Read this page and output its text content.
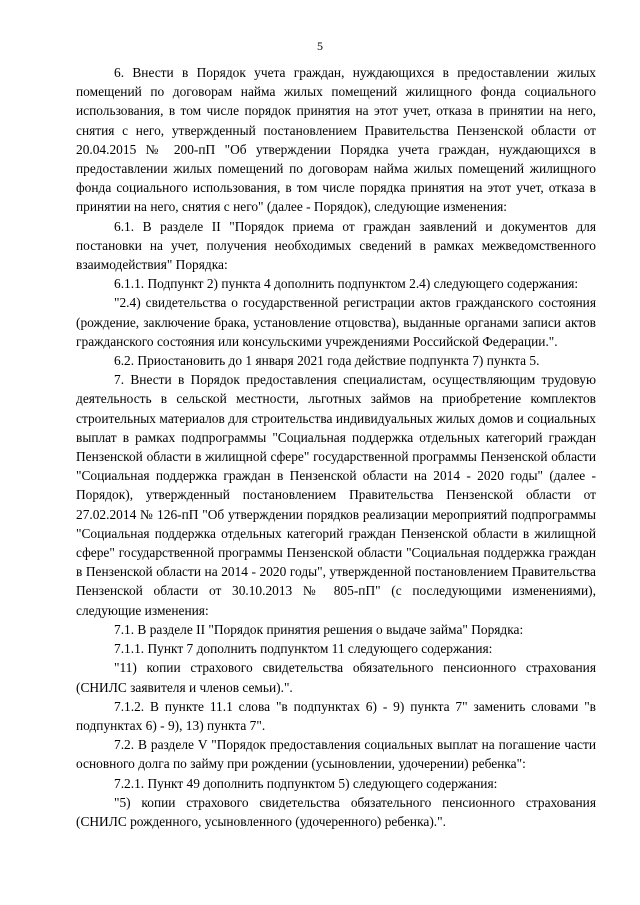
5

6. Внести в Порядок учета граждан, нуждающихся в предоставлении жилых помещений по договорам найма жилых помещений жилищного фонда социального использования, в том числе порядок принятия на этот учет, отказа в принятии на него, снятия с него, утвержденный постановлением Правительства Пензенской области от 20.04.2015 № 200-пП "Об утверждении Порядка учета граждан, нуждающихся в предоставлении жилых помещений по договорам найма жилых помещений жилищного фонда социального использования, в том числе порядка принятия на этот учет, отказа в принятии на него, снятия с него" (далее - Порядок), следующие изменения:

6.1. В разделе II "Порядок приема от граждан заявлений и документов для постановки на учет, получения необходимых сведений в рамках межведомственного взаимодействия" Порядка:

6.1.1. Подпункт 2) пункта 4 дополнить подпунктом 2.4) следующего содержания:

"2.4) свидетельства о государственной регистрации актов гражданского состояния (рождение, заключение брака, установление отцовства), выданные органами записи актов гражданского состояния или консульскими учреждениями Российской Федерации.".

6.2. Приостановить до 1 января 2021 года действие подпункта 7) пункта 5.

7. Внести в Порядок предоставления специалистам, осуществляющим трудовую деятельность в сельской местности, льготных займов на приобретение комплектов строительных материалов для строительства индивидуальных жилых домов и социальных выплат в рамках подпрограммы "Социальная поддержка отдельных категорий граждан Пензенской области в жилищной сфере" государственной программы Пензенской области "Социальная поддержка граждан в Пензенской области на 2014 - 2020 годы" (далее - Порядок), утвержденный постановлением Правительства Пензенской области от 27.02.2014 № 126-пП "Об утверждении порядков реализации мероприятий подпрограммы "Социальная поддержка отдельных категорий граждан Пензенской области в жилищной сфере" государственной программы Пензенской области "Социальная поддержка граждан в Пензенской области на 2014 - 2020 годы", утвержденной постановлением Правительства Пензенской области от 30.10.2013 № 805-пП" (с последующими изменениями), следующие изменения:

7.1. В разделе II "Порядок принятия решения о выдаче займа" Порядка:

7.1.1. Пункт 7 дополнить подпунктом 11 следующего содержания:

"11) копии страхового свидетельства обязательного пенсионного страхования (СНИЛС заявителя и членов семьи).".

7.1.2. В пункте 11.1 слова "в подпунктах 6) - 9) пункта 7" заменить словами "в подпунктах 6) - 9), 13) пункта 7".

7.2. В разделе V "Порядок предоставления социальных выплат на погашение части основного долга по займу при рождении (усыновлении, удочерении) ребенка":

7.2.1. Пункт 49 дополнить подпунктом 5) следующего содержания:

"5) копии страхового свидетельства обязательного пенсионного страхования (СНИЛС рожденного, усыновленного (удочеренного) ребенка).".
